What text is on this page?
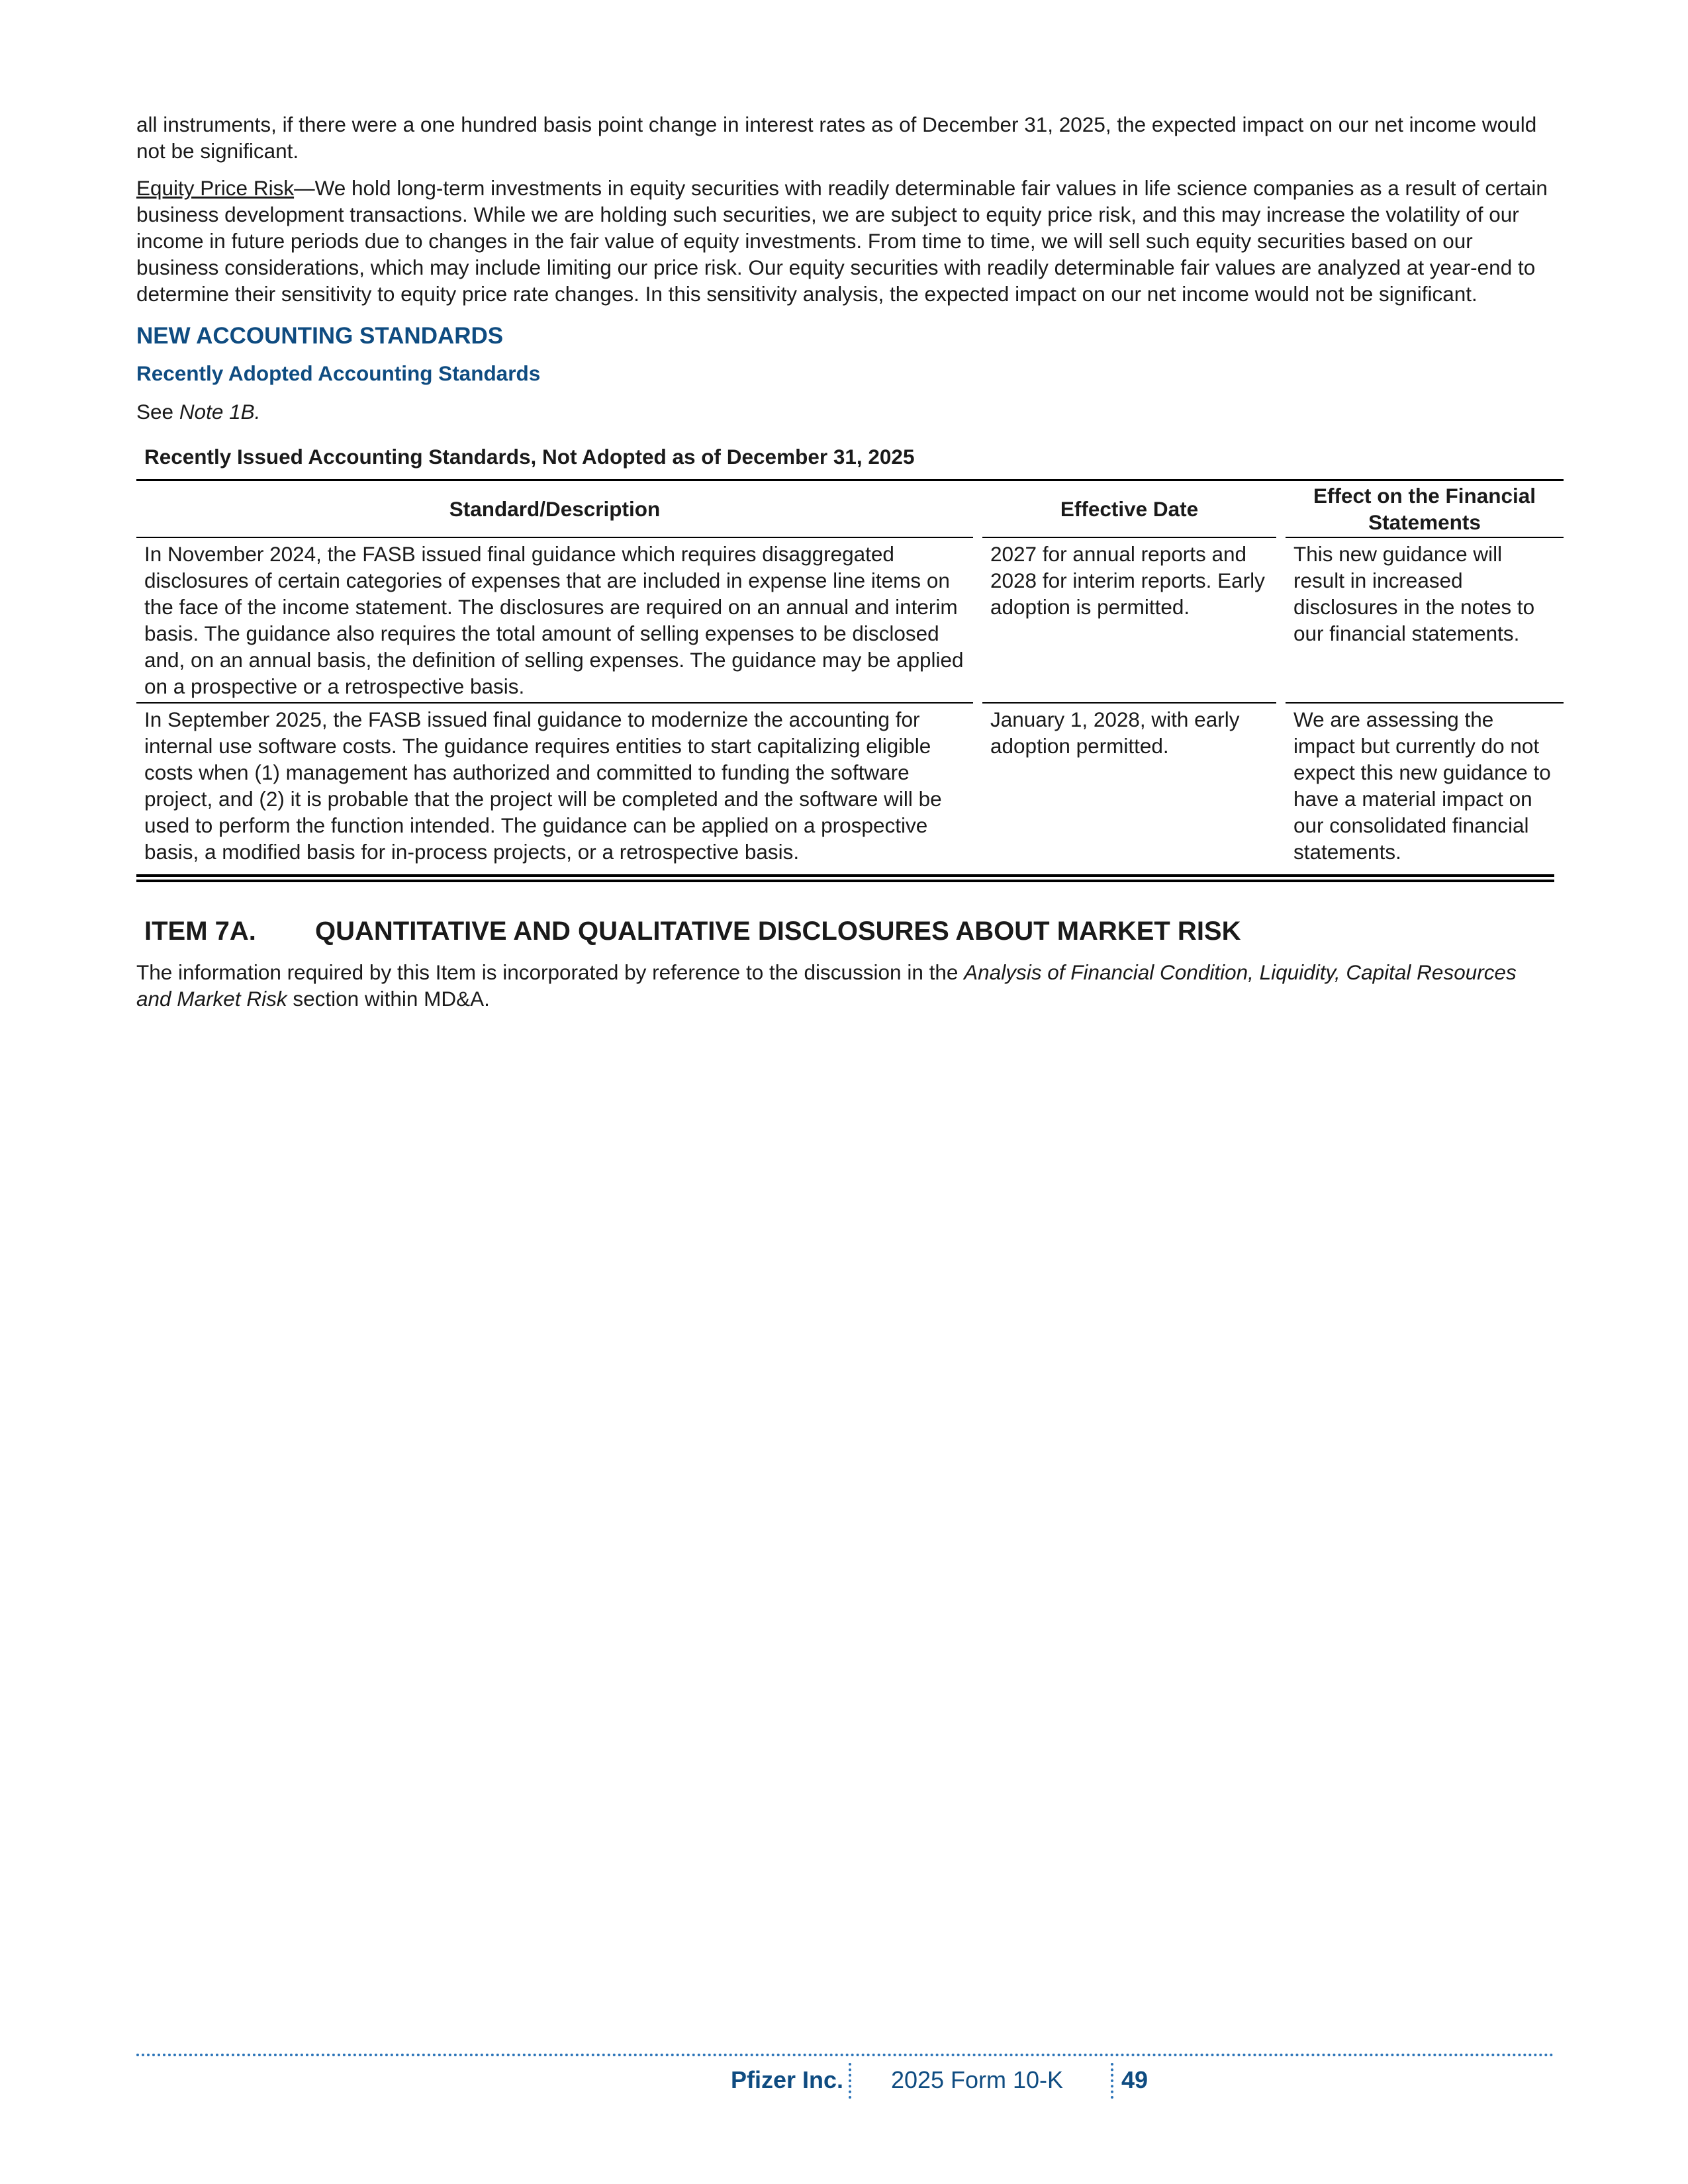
all instruments, if there were a one hundred basis point change in interest rates as of December 31, 2025, the expected impact on our net income would not be significant.

Equity Price Risk—We hold long-term investments in equity securities with readily determinable fair values in life science companies as a result of certain business development transactions. While we are holding such securities, we are subject to equity price risk, and this may increase the volatility of our income in future periods due to changes in the fair value of equity investments. From time to time, we will sell such equity securities based on our business considerations, which may include limiting our price risk. Our equity securities with readily determinable fair values are analyzed at year-end to determine their sensitivity to equity price rate changes. In this sensitivity analysis, the expected impact on our net income would not be significant.

NEW ACCOUNTING STANDARDS
Recently Adopted Accounting Standards

See Note 1B.

Recently Issued Accounting Standards, Not Adopted as of December 31, 2025
Standard/Description		Effective Date		Effect on the Financial Statements
In November 2024, the FASB issued final guidance which requires disaggregated disclosures of certain categories of expenses that are included in expense line items on the face of the income statement. The disclosures are required on an annual and interim basis. The guidance also requires the total amount of selling expenses to be disclosed and, on an annual basis, the definition of selling expenses. The guidance may be applied on a prospective or a retrospective basis.		2027 for annual reports and 2028 for interim reports. Early adoption is permitted.		This new guidance will result in increased disclosures in the notes to our financial statements.
In September 2025, the FASB issued final guidance to modernize the accounting for internal use software costs. The guidance requires entities to start capitalizing eligible costs when (1) management has authorized and committed to funding the software project, and (2) it is probable that the project will be completed and the software will be used to perform the function intended. The guidance can be applied on a prospective basis, a modified basis for in-process projects, or a retrospective basis.		January 1, 2028, with early adoption permitted.		We are assessing the impact but currently do not expect this new guidance to have a material impact on our consolidated financial statements.
ITEM 7A.	QUANTITATIVE AND QUALITATIVE DISCLOSURES ABOUT MARKET RISK

The information required by this Item is incorporated by reference to the discussion in the Analysis of Financial Condition, Liquidity, Capital Resources and Market Risk section within MD&A.

Pfizer Inc.	2025 Form 10-K	49
